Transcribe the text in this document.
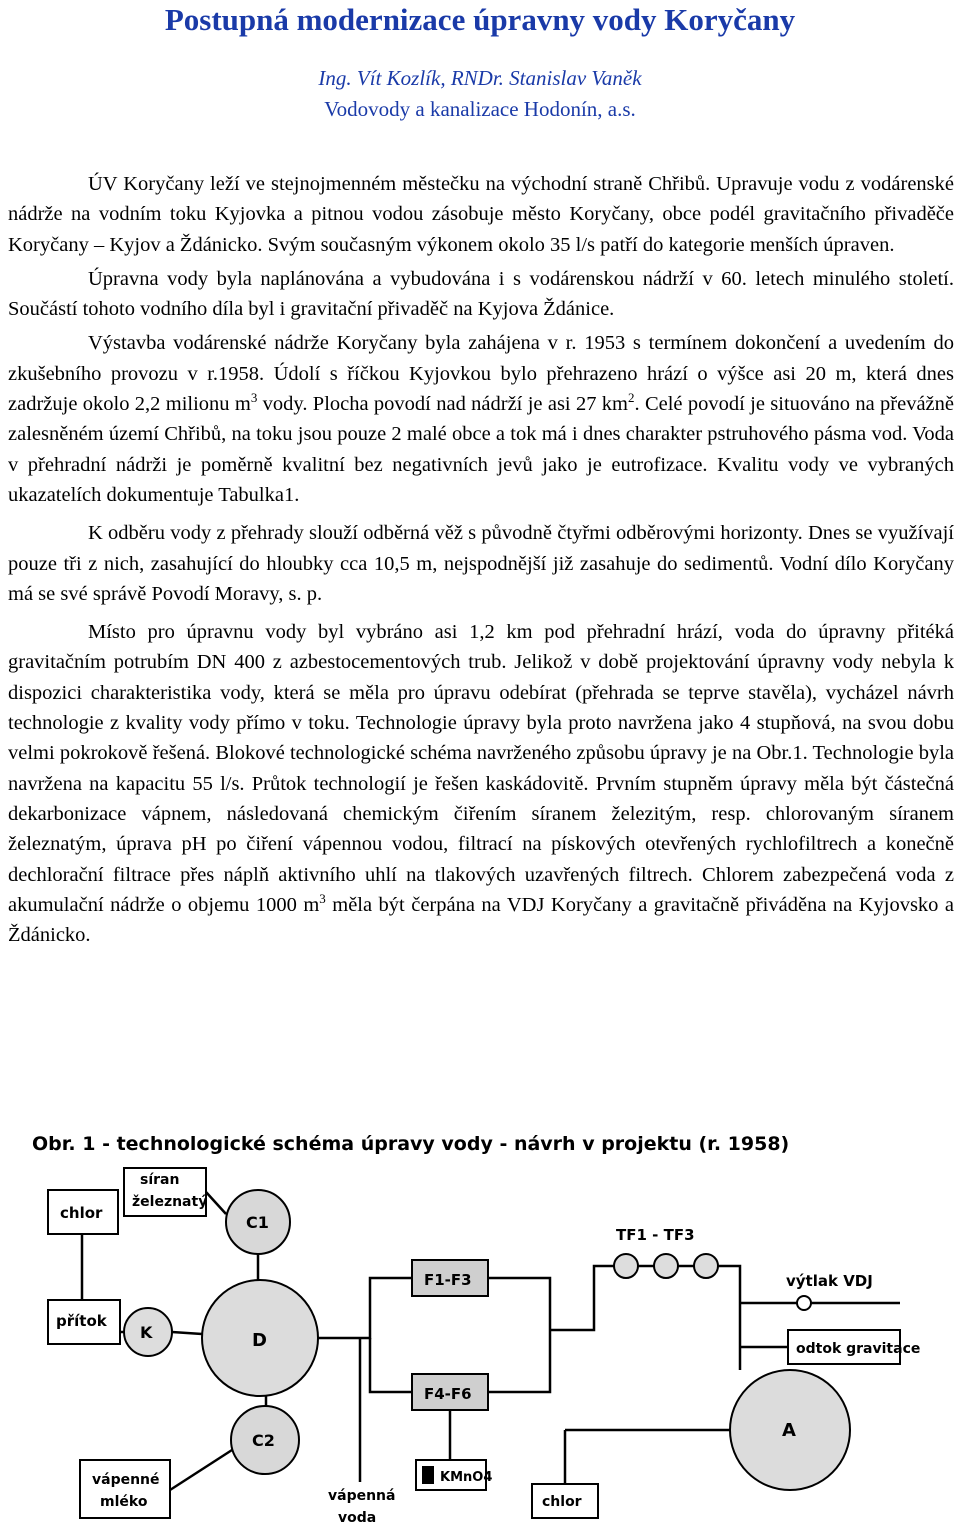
Postupná modernizace úpravny vody Koryčany
Ing. Vít Kozlík, RNDr. Stanislav Vaněk
Vodovody a kanalizace Hodonín, a.s.

ÚV Koryčany leží ve stejnojmenném městečku na východní straně Chřibů. Upravuje vodu z vodárenské nádrže na vodním toku Kyjovka a pitnou vodou zásobuje město Koryčany, obce podél gravitačního přivaděče Koryčany – Kyjov a Ždánicko. Svým současným výkonem okolo 35 l/s patří do kategorie menších úpraven.

Úpravna vody byla naplánována a vybudována i s vodárenskou nádrží v 60. letech minulého století. Součástí tohoto vodního díla byl i gravitační přivaděč na Kyjova Ždánice.

Výstavba vodárenské nádrže Koryčany byla zahájena v r. 1953 s termínem dokončení a uvedením do zkušebního provozu v r.1958. Údolí s říčkou Kyjovkou bylo přehrazeno hrází o výšce asi 20 m, která dnes zadržuje okolo 2,2 milionu $m^3$ vody. Plocha povodí nad nádrží je asi 27 $km^2$. Celé povodí je situováno na převážně zalesněném území Chřibů, na toku jsou pouze 2 malé obce a tok má i dnes charakter pstruhového pásma vod. Voda v přehradní nádrži je poměrně kvalitní bez negativních jevů jako je eutrofizace. Kvalitu vody ve vybraných ukazatelích dokumentuje Tabulka1.

K odběru vody z přehrady slouží odběrná věž s původně čtyřmi odběrovými horizonty. Dnes se využívají pouze tři z nich, zasahující do hloubky cca 10,5 m, nejspodnější již zasahuje do sedimentů. Vodní dílo Koryčany má se své správě Povodí Moravy, s. p.

Místo pro úpravnu vody byl vybráno asi 1,2 km pod přehradní hrází, voda do úpravny přitéká gravitačním potrubím DN 400 z azbestocementových trub. Jelikož v době projektování úpravny vody nebyla k dispozici charakteristika vody, která se měla pro úpravu odebírat (přehrada se teprve stavěla), vycházel návrh technologie z kvality vody přímo v toku. Technologie úpravy byla proto navržena jako 4 stupňová, na svou dobu velmi pokrokově řešená. Blokové technologické schéma navrženého způsobu úpravy je na Obr.1. Technologie byla navržena na kapacitu 55 l/s. Průtok technologií je řešen kaskádovitě. Prvním stupněm úpravy měla být částečná dekarbonizace vápnem, následovaná chemickým čiřením síranem železitým, resp. chlorovaným síranem železnatým, úprava pH po čiření vápennou vodou, filtrací na pískových otevřených rychlofiltrech a konečně dechlorační filtrace přes náplň aktivního uhlí na tlakových uzavřených filtrech. Chlorem zabezpečená voda z akumulační nádrže o objemu 1000 $m^3$ měla být čerpána na VDJ Koryčany a gravitačně přiváděna na Kyjovsko a Ždánicko.

Obr. 1 - technologické schéma úpravy vody - návrh v projektu (r. 1958)
chlor
síran
železnatý
C1
přítok
K	D
C2
vápenné
mléko
F1-F3
F4-F6
KMnO4
vápenná
voda
TF1 - TF3
výtlak VDJ
odtok gravitace
A
chlor
